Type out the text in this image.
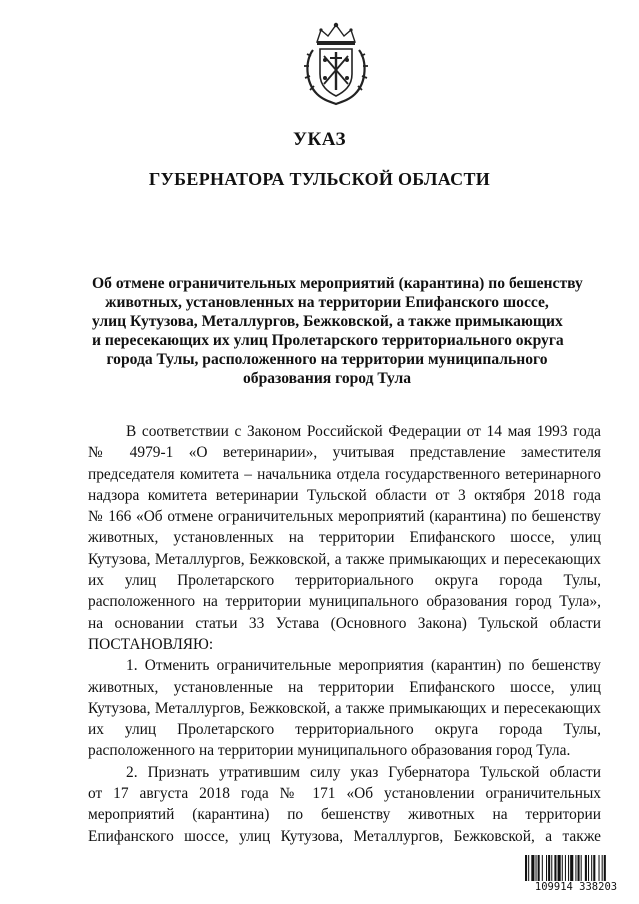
УКАЗ
ГУБЕРНАТОРА ТУЛЬСКОЙ ОБЛАСТИ
Об отмене ограничительных мероприятий (карантина) по бешенству
животных, установленных на территории Епифанского шоссе,
улиц Кутузова, Металлургов, Бежковской, а также примыкающих
и пересекающих их улиц Пролетарского территориального округа
города Тулы, расположенного на территории муниципального
образования город Тула
В соответствии с Законом Российской Федерации от 14 мая 1993 года
№ 4979-1 «О ветеринарии», учитывая представление заместителя
председателя комитета – начальника отдела государственного ветеринарного
надзора комитета ветеринарии Тульской области от 3 октября 2018 года
№ 166 «Об отмене ограничительных мероприятий (карантина) по бешенству
животных, установленных на территории Епифанского шоссе, улиц
Кутузова, Металлургов, Бежковской, а также примыкающих и пересекающих
их улиц Пролетарского территориального округа города Тулы,
расположенного на территории муниципального образования город Тула»,
на основании статьи 33 Устава (Основного Закона) Тульской области
ПОСТАНОВЛЯЮ:
1. Отменить ограничительные мероприятия (карантин) по бешенству
животных, установленные на территории Епифанского шоссе, улиц
Кутузова, Металлургов, Бежковской, а также примыкающих и пересекающих
их улиц Пролетарского территориального округа города Тулы,
расположенного на территории муниципального образования город Тула.
2. Признать утратившим силу указ Губернатора Тульской области
от 17 августа 2018 года № 171 «Об установлении ограничительных
мероприятий (карантина) по бешенству животных на территории
Епифанского шоссе, улиц Кутузова, Металлургов, Бежковской, а также
109914 338203
